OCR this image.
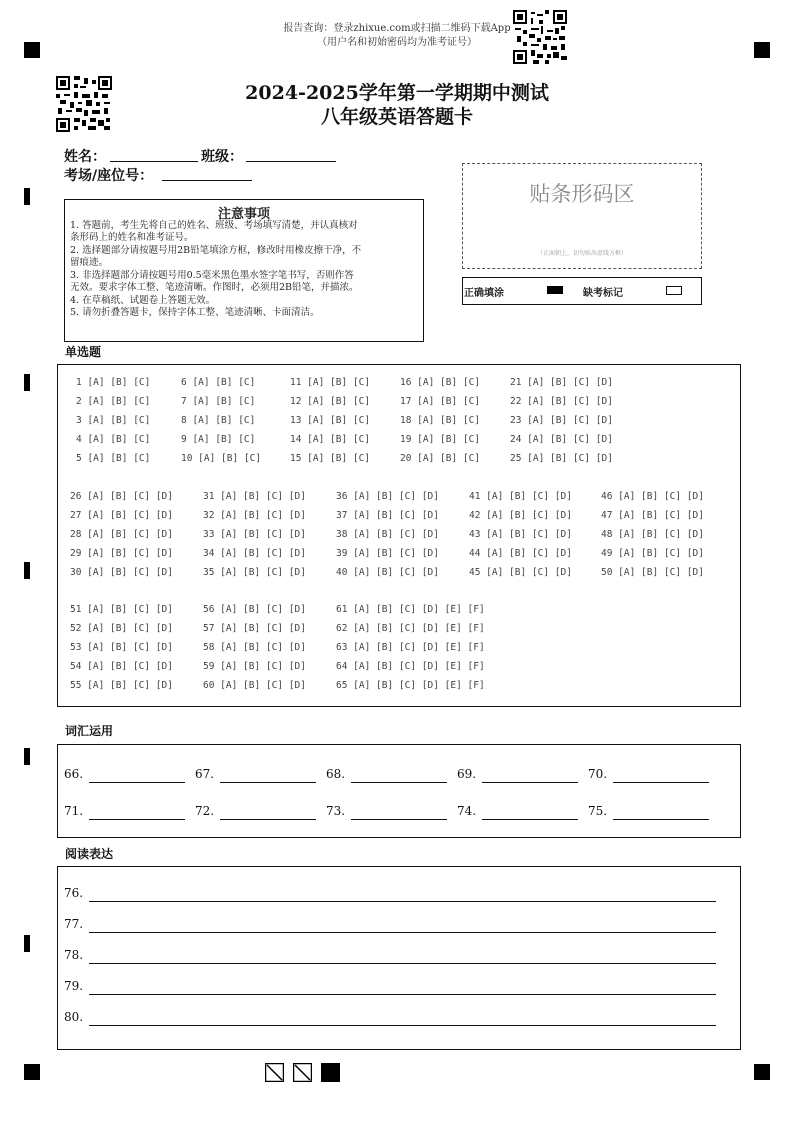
报告查询：登录zhixue.com或扫描二维码下载App
（用户名和初始密码均为准考证号）
2024-2025学年第一学期期中测试
八年级英语答题卡
姓名：	班级：
考场/座位号：
贴条形码区
（正面朝上，切勿贴出虚线方框）
正确填涂	缺考标记
注意事项
1. 答题前，考生先将自己的姓名、班级、考场填写清楚，并认真核对
条形码上的姓名和准考证号。
2. 选择题部分请按题号用2B铅笔填涂方框，修改时用橡皮擦干净，不
留痕迹。
3. 非选择题部分请按题号用0.5毫米黑色墨水签字笔书写，否则作答
无效。要求字体工整、笔迹清晰。作图时，必须用2B铅笔，并描浓。
4. 在草稿纸、试题卷上答题无效。
5. 请勿折叠答题卡，保持字体工整、笔迹清晰、卡面清洁。
单选题
1 [A] [B] [C]	6 [A] [B] [C]	11 [A] [B] [C]	16 [A] [B] [C]	21 [A] [B] [C] [D]
2 [A] [B] [C]	7 [A] [B] [C]	12 [A] [B] [C]	17 [A] [B] [C]	22 [A] [B] [C] [D]
3 [A] [B] [C]	8 [A] [B] [C]	13 [A] [B] [C]	18 [A] [B] [C]	23 [A] [B] [C] [D]
4 [A] [B] [C]	9 [A] [B] [C]	14 [A] [B] [C]	19 [A] [B] [C]	24 [A] [B] [C] [D]
5 [A] [B] [C]	10 [A] [B] [C]	15 [A] [B] [C]	20 [A] [B] [C]	25 [A] [B] [C] [D]
26 [A] [B] [C] [D]	31 [A] [B] [C] [D]	36 [A] [B] [C] [D]	41 [A] [B] [C] [D]	46 [A] [B] [C] [D]
27 [A] [B] [C] [D]	32 [A] [B] [C] [D]	37 [A] [B] [C] [D]	42 [A] [B] [C] [D]	47 [A] [B] [C] [D]
28 [A] [B] [C] [D]	33 [A] [B] [C] [D]	38 [A] [B] [C] [D]	43 [A] [B] [C] [D]	48 [A] [B] [C] [D]
29 [A] [B] [C] [D]	34 [A] [B] [C] [D]	39 [A] [B] [C] [D]	44 [A] [B] [C] [D]	49 [A] [B] [C] [D]
30 [A] [B] [C] [D]	35 [A] [B] [C] [D]	40 [A] [B] [C] [D]	45 [A] [B] [C] [D]	50 [A] [B] [C] [D]
51 [A] [B] [C] [D]	56 [A] [B] [C] [D]	61 [A] [B] [C] [D] [E] [F]
52 [A] [B] [C] [D]	57 [A] [B] [C] [D]	62 [A] [B] [C] [D] [E] [F]
53 [A] [B] [C] [D]	58 [A] [B] [C] [D]	63 [A] [B] [C] [D] [E] [F]
54 [A] [B] [C] [D]	59 [A] [B] [C] [D]	64 [A] [B] [C] [D] [E] [F]
55 [A] [B] [C] [D]	60 [A] [B] [C] [D]	65 [A] [B] [C] [D] [E] [F]
词汇运用
66.	67.	68.	69.	70.
71.	72.	73.	74.	75.
阅读表达
76.
77.
78.
79.
80.
